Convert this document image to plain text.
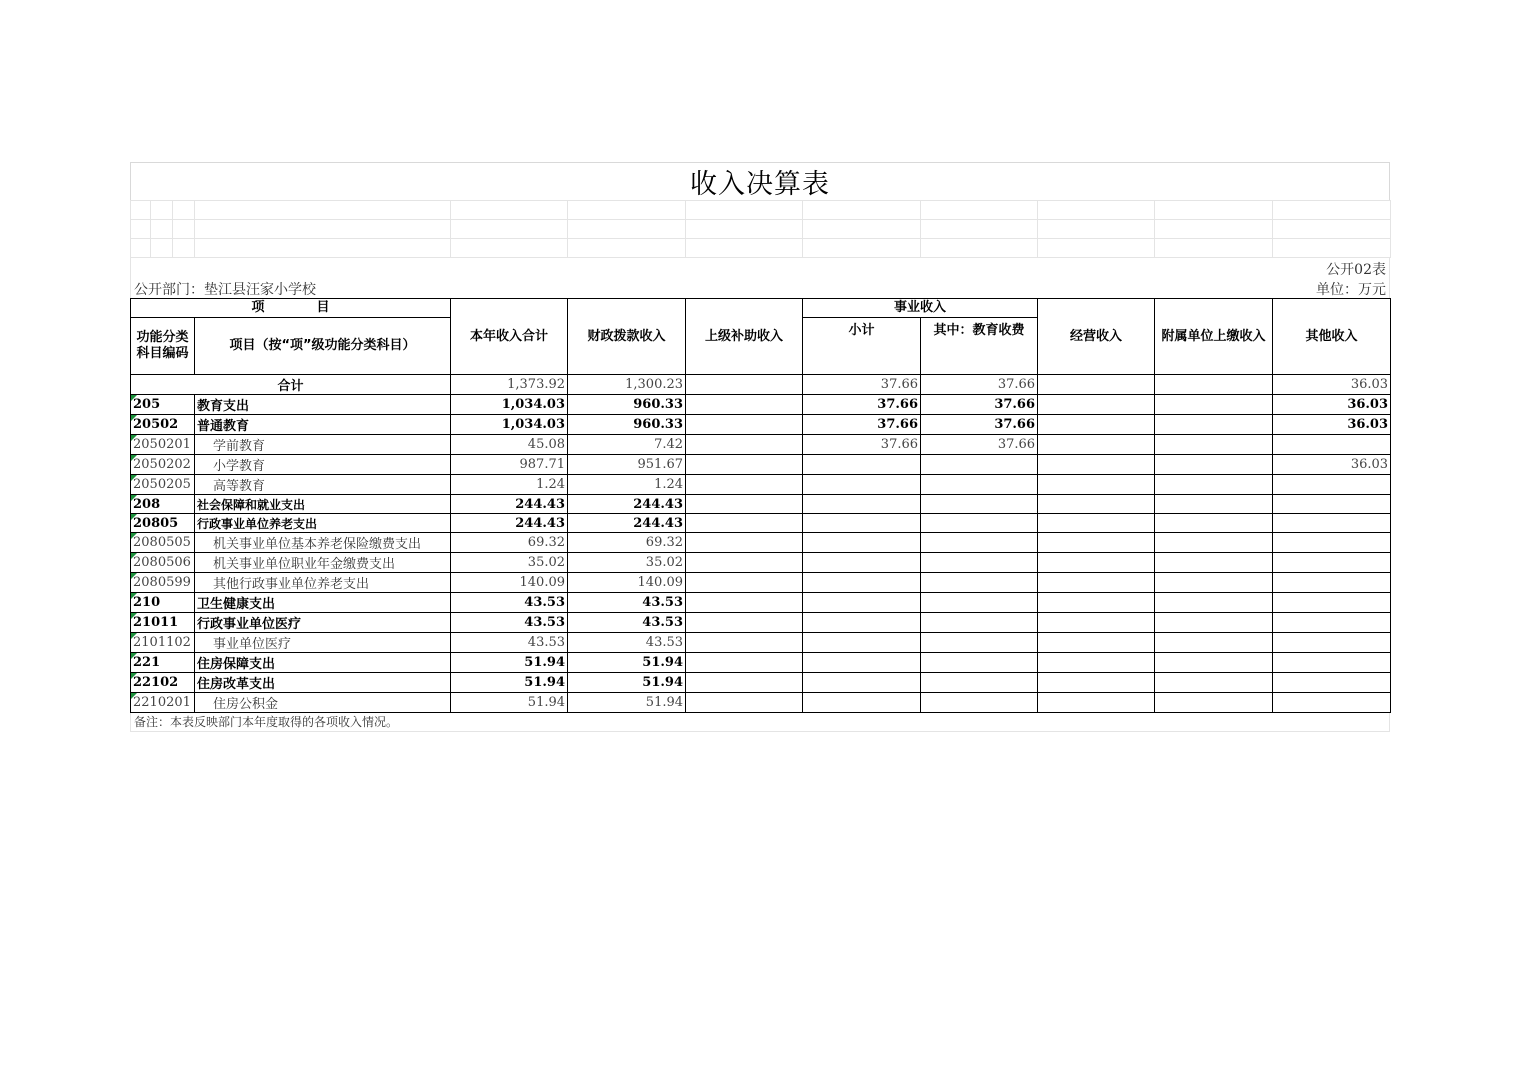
收入决算表

公开02表
公开部门：垫江县汪家小学校	单位：万元
项　　　　目		本年收入合计	财政拨款收入	上级补助收入	事业收入		经营收入	附属单位上缴收入	其他收入
功能分类科目编码	项目（按“项”级功能分类科目）				小计	其中：教育收费			

合计		1,373.92	1,300.23		37.66	37.66			36.03

205	教育支出	1,034.03	960.33		37.66	37.66			36.03

20502	普通教育	1,034.03	960.33		37.66	37.66			36.03

2050201	学前教育	45.08	7.42		37.66	37.66			

2050202	小学教育	987.71	951.67						36.03

2050205	高等教育	1.24	1.24						

208	社会保障和就业支出	244.43	244.43						

20805	行政事业单位养老支出	244.43	244.43						

2080505	机关事业单位基本养老保险缴费支出	69.32	69.32						

2080506	机关事业单位职业年金缴费支出	35.02	35.02						

2080599	其他行政事业单位养老支出	140.09	140.09						

210	卫生健康支出	43.53	43.53						

21011	行政事业单位医疗	43.53	43.53						

2101102	事业单位医疗	43.53	43.53						

221	住房保障支出	51.94	51.94						

22102	住房改革支出	51.94	51.94						

2210201	住房公积金	51.94	51.94						
备注：本表反映部门本年度取得的各项收入情况。
